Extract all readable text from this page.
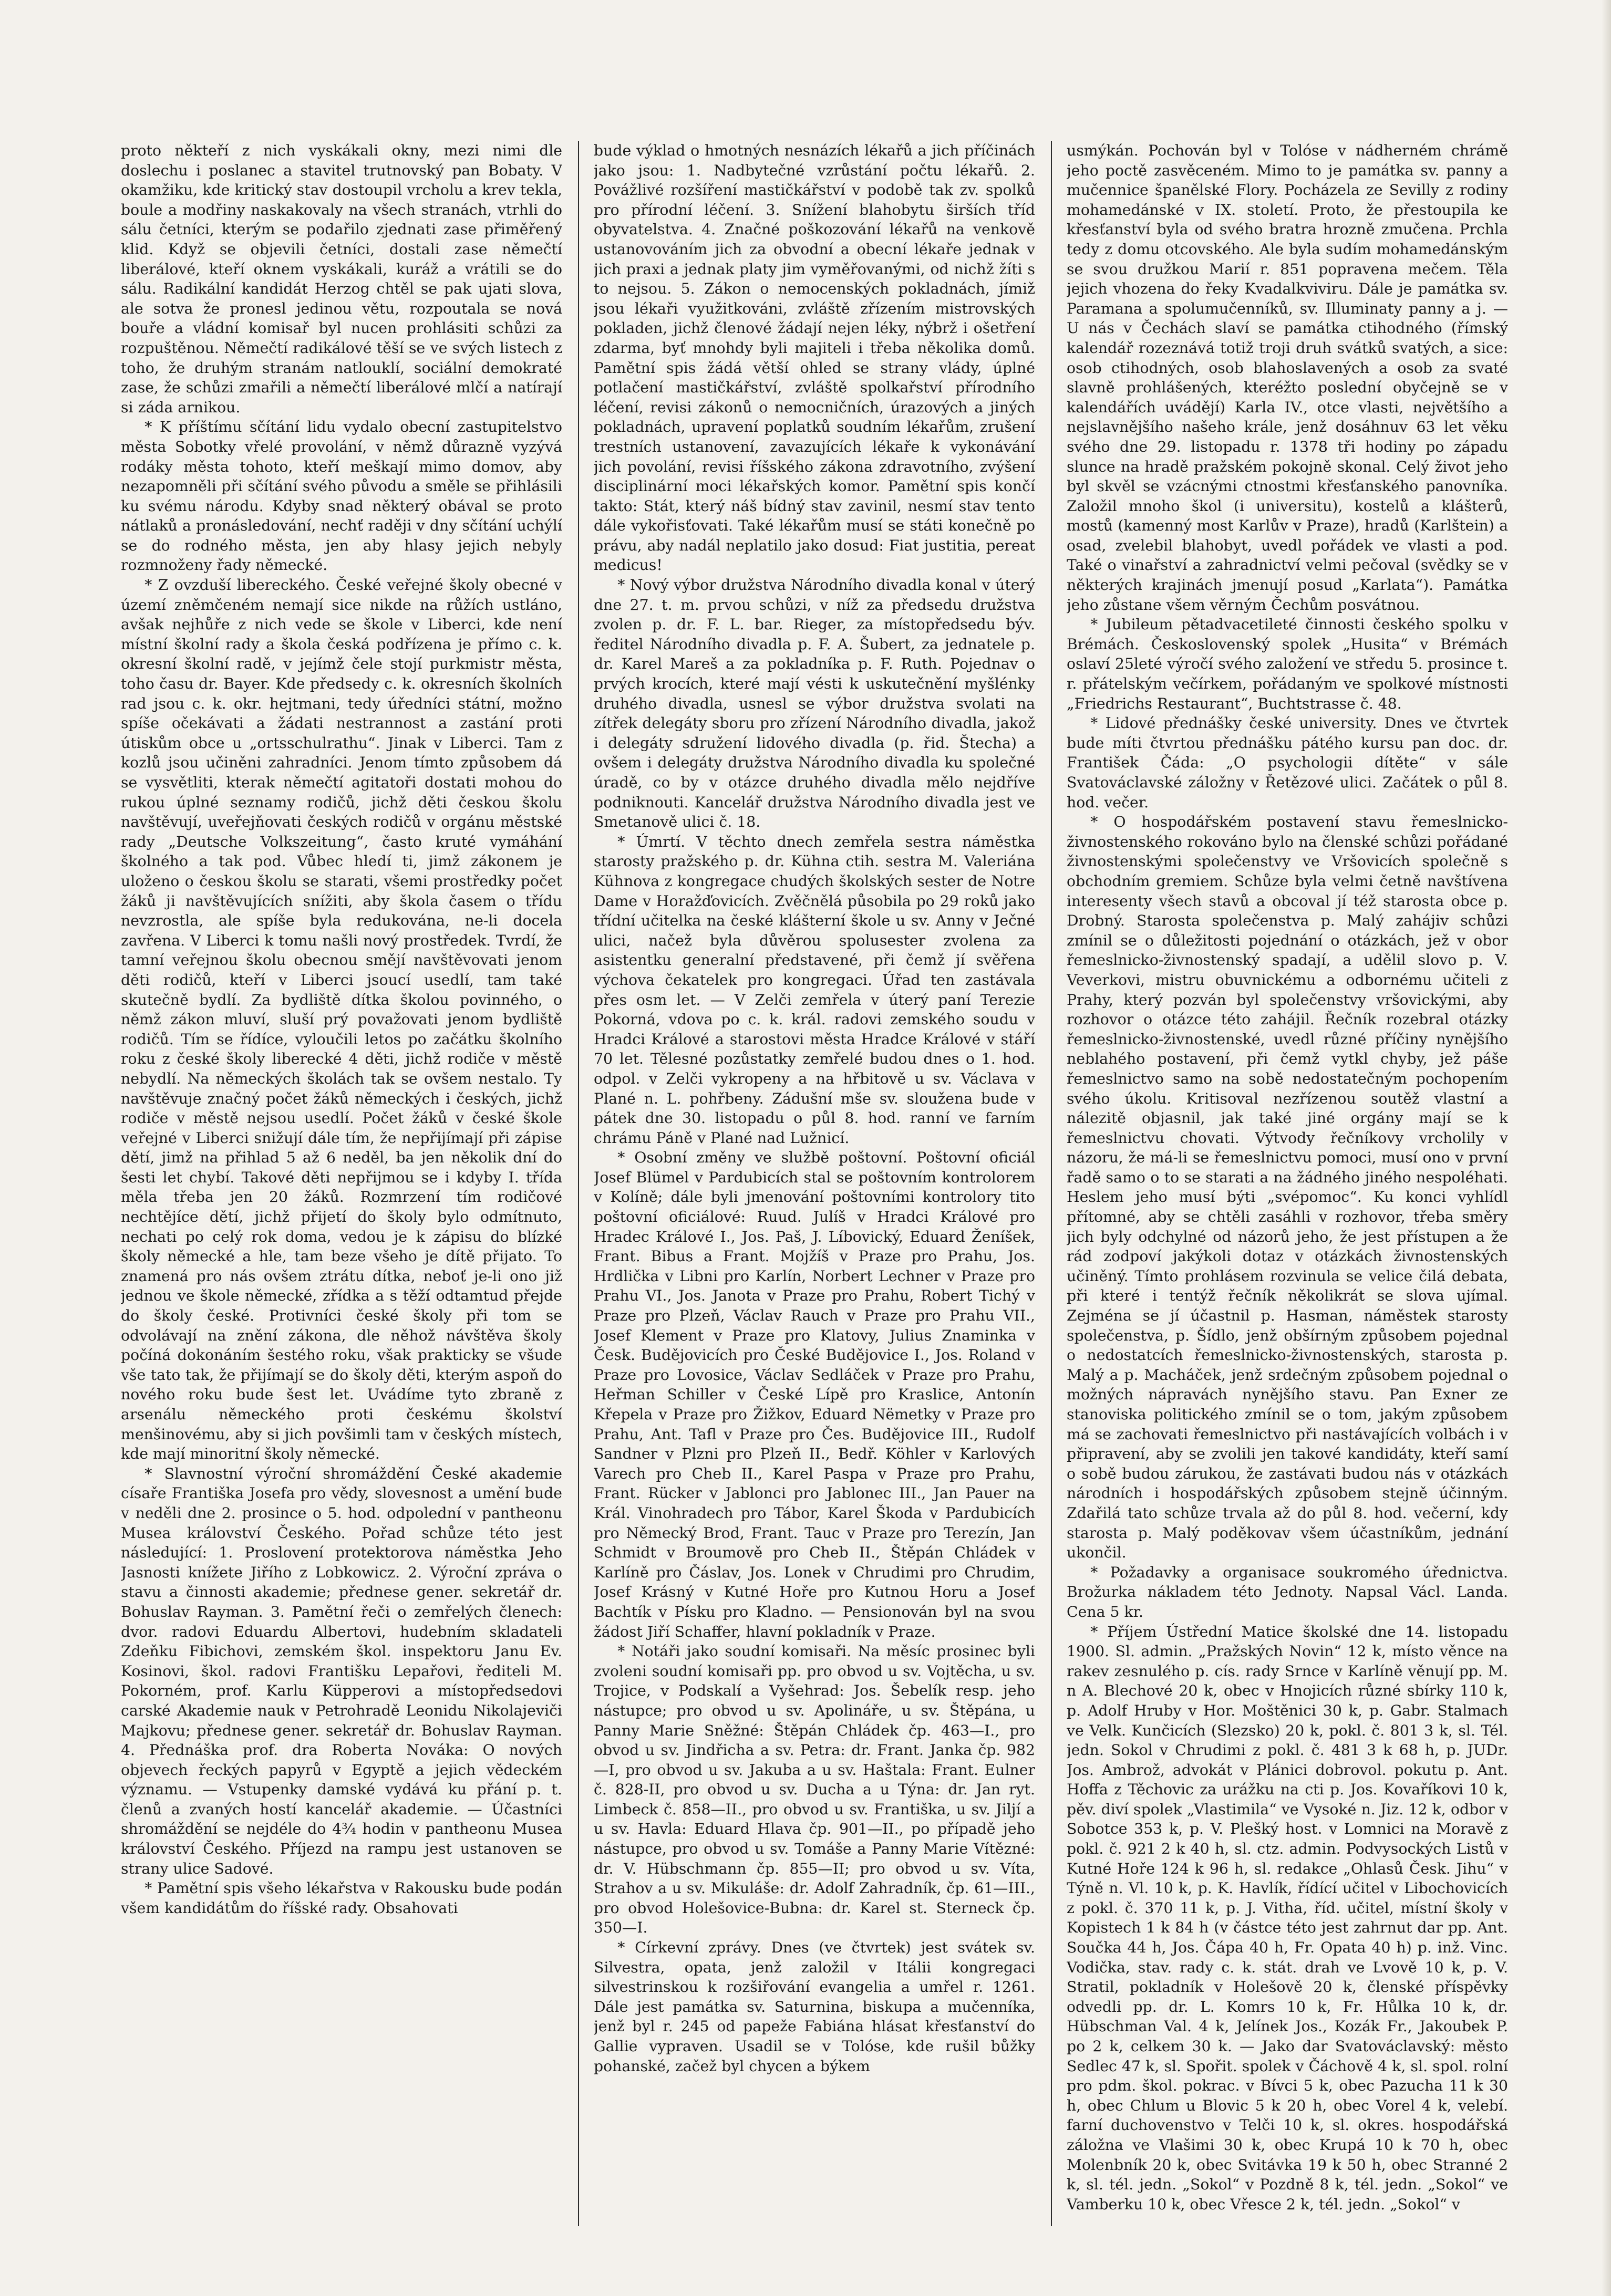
proto někteří z nich vyskákali okny, mezi nimi dle doslechu i poslanec a stavitel trutnovský pan Bobaty. V okamžiku, kde kritický stav dostoupil vrcholu a krev tekla, boule a modřiny naskakovaly na všech stranách, vtrhli do sálu četníci, kterým se podařilo zjednati zase přiměřený klid. Když se objevili četníci, dostali zase němečtí liberálové, kteří oknem vyskákali, kuráž a vrátili se do sálu. Radikální kandidát Herzog chtěl se pak ujati slova, ale sotva že pronesl jedinou větu, rozpoutala se nová bouře a vládní komisař byl nucen prohlásiti schůzi za rozpuštěnou. Němečtí radikálové těší se ve svých listech z toho, že druhým stranám natlouklí, sociální demokraté zase, že schůzi zmařili a němečtí liberálové mlčí a natírají si záda arnikou.

* K příštímu sčítání lidu vydalo obecní zastupitelstvo města Sobotky vřelé provolání, v němž důrazně vyzývá rodáky města tohoto, kteří meškají mimo domov, aby nezapomněli při sčítání svého původu a směle se přihlásili ku svému národu. Kdyby snad některý obával se proto nátlaků a pronásledování, nechť raději v dny sčítání uchýlí se do rodného města, jen aby hlasy jejich nebyly rozmnoženy řady německé.

* Z ovzduší libereckého. České veřejné školy obecné v území zněmčeném nemají sice nikde na růžích ustláno, avšak nejhůře z nich vede se škole v Liberci, kde není místní školní rady a škola česká podřízena je přímo c. k. okresní školní radě, v jejímž čele stojí purkmistr města, toho času dr. Bayer. Kde předsedy c. k. okresních školních rad jsou c. k. okr. hejtmani, tedy úředníci státní, možno spíše očekávati a žádati nestrannost a zastání proti útiskům obce u „ortsschulrathu“. Jinak v Liberci. Tam z kozlů jsou učiněni zahradníci. Jenom tímto způsobem dá se vysvětliti, kterak němečtí agitatoři dostati mohou do rukou úplné seznamy rodičů, jichž děti českou školu navštěvují, uveřejňovati českých rodičů v orgánu městské rady „Deutsche Volkszeitung“, často kruté vymáhání školného a tak pod. Vůbec hledí ti, jimž zákonem je uloženo o českou školu se starati, všemi prostředky počet žáků ji navštěvujících snížiti, aby škola časem o třídu nevzrostla, ale spíše byla redukována, ne-li docela zavřena. V Liberci k tomu našli nový prostředek. Tvrdí, že tamní veřejnou školu obecnou smějí navštěvovati jenom děti rodičů, kteří v Liberci jsoucí usedlí, tam také skutečně bydlí. Za bydliště dítka školou povinného, o němž zákon mluví, sluší prý považovati jenom bydliště rodičů. Tím se řídíce, vyloučili letos po začátku školního roku z české školy liberecké 4 děti, jichž rodiče v městě nebydlí. Na německých školách tak se ovšem nestalo. Ty navštěvuje značný počet žáků německých i českých, jichž rodiče v městě nejsou usedlí. Počet žáků v české škole veřejné v Liberci snižují dále tím, že nepřijímají při zápise dětí, jimž na přihlad 5 až 6 neděl, ba jen několik dní do šesti let chybí. Takové děti nepřijmou se i kdyby I. třída měla třeba jen 20 žáků. Rozmrzení tím rodičové nechtějíce dětí, jichž přijetí do školy bylo odmítnuto, nechati po celý rok doma, vedou je k zápisu do blízké školy německé a hle, tam beze všeho je dítě přijato. To znamená pro nás ovšem ztrátu dítka, neboť je-li ono již jednou ve škole německé, zřídka a s těží odtamtud přejde do školy české. Protivníci české školy při tom se odvolávají na znění zákona, dle něhož návštěva školy počíná dokonáním šestého roku, však prakticky se všude vše tato tak, že přijímají se do školy děti, kterým aspoň do nového roku bude šest let. Uvádíme tyto zbraně z arsenálu německého proti českému školství menšinovému, aby si jich povšimli tam v českých místech, kde mají minoritní školy německé.

* Slavnostní výroční shromáždění České akademie císaře Františka Josefa pro vědy, slovesnost a umění bude v neděli dne 2. prosince o 5. hod. odpolední v pantheonu Musea království Českého. Pořad schůze této jest následující: 1. Proslovení protektorova náměstka Jeho Jasnosti knížete Jiřího z Lobkowicz. 2. Výroční zpráva o stavu a činnosti akademie; přednese gener. sekretář dr. Bohuslav Rayman. 3. Pamětní řeči o zemřelých členech: dvor. radovi Eduardu Albertovi, hudebním skladateli Zdeňku Fibichovi, zemském škol. inspektoru Janu Ev. Kosinovi, škol. radovi Františku Lepařovi, řediteli M. Pokorném, prof. Karlu Küpperovi a místopředsedovi carské Akademie nauk v Petrohradě Leonidu Nikolajeviči Majkovu; přednese gener. sekretář dr. Bohuslav Rayman. 4. Přednáška prof. dra Roberta Nováka: O nových objevech řeckých papyrů v Egyptě a jejich vědeckém významu. — Vstupenky damské vydává ku přání p. t. členů a zvaných hostí kancelář akademie. — Účastníci shromáždění se nejdéle do 4¾ hodin v pantheonu Musea království Českého. Příjezd na rampu jest ustanoven se strany ulice Sadové.

* Pamětní spis všeho lékařstva v Rakousku bude podán všem kandidátům do říšské rady. Obsahovati

bude výklad o hmotných nesnázích lékařů a jich příčinách jako jsou: 1. Nadbytečné vzrůstání počtu lékařů. 2. Povážlivé rozšíření mastičkářství v podobě tak zv. spolků pro přírodní léčení. 3. Snížení blahobytu širších tříd obyvatelstva. 4. Značné poškozování lékařů na venkově ustanovováním jich za obvodní a obecní lékaře jednak v jich praxi a jednak platy jim vyměřovanými, od nichž žíti s to nejsou. 5. Zákon o nemocenských pokladnách, jímiž jsou lékaři využitkováni, zvláště zřízením mistrovských pokladen, jichž členové žádají nejen léky, nýbrž i ošetření zdarma, byť mnohdy byli majiteli i třeba několika domů. Pamětní spis žádá větší ohled se strany vlády, úplné potlačení mastičkářství, zvláště spolkařství přírodního léčení, revisi zákonů o nemocničních, úrazových a jiných pokladnách, upravení poplatků soudním lékařům, zrušení trestních ustanovení, zavazujících lékaře k vykonávání jich povolání, revisi říšského zákona zdravotního, zvýšení disciplinární moci lékařských komor. Pamětní spis končí takto: Stát, který náš bídný stav zavinil, nesmí stav tento dále vykořisťovati. Také lékařům musí se státi konečně po právu, aby nadál neplatilo jako dosud: Fiat justitia, pereat medicus!

* Nový výbor družstva Národního divadla konal v úterý dne 27. t. m. prvou schůzi, v níž za předsedu družstva zvolen p. dr. F. L. bar. Rieger, za místopředsedu býv. ředitel Národního divadla p. F. A. Šubert, za jednatele p. dr. Karel Mareš a za pokladníka p. F. Ruth. Pojednav o prvých krocích, které mají vésti k uskutečnění myšlénky druhého divadla, usnesl se výbor družstva svolati na zítřek delegáty sboru pro zřízení Národního divadla, jakož i delegáty sdružení lidového divadla (p. řid. Štecha) a ovšem i delegáty družstva Národního divadla ku společné úradě, co by v otázce druhého divadla mělo nejdříve podniknouti. Kancelář družstva Národního divadla jest ve Smetanově ulici č. 18.

* Úmrtí. V těchto dnech zemřela sestra náměstka starosty pražského p. dr. Kühna ctih. sestra M. Valeriána Kühnova z kongregace chudých školských sester de Notre Dame v Horažďovicích. Zvěčnělá působila po 29 roků jako třídní učitelka na české klášterní škole u sv. Anny v Ječné ulici, načež byla důvěrou spolusester zvolena za asistentku generalní představené, při čemž jí svěřena výchova čekatelek pro kongregaci. Úřad ten zastávala přes osm let. — V Zelči zemřela v úterý paní Terezie Pokorná, vdova po c. k. král. radovi zemského soudu v Hradci Králové a starostovi města Hradce Králové v stáří 70 let. Tělesné pozůstatky zemřelé budou dnes o 1. hod. odpol. v Zelči vykropeny a na hřbitově u sv. Václava v Plané n. L. pohřbeny. Zádušní mše sv. sloužena bude v pátek dne 30. listopadu o půl 8. hod. ranní ve farním chrámu Páně v Plané nad Lužnicí.

* Osobní změny ve službě poštovní. Poštovní oficiál Josef Blümel v Pardubicích stal se poštovním kontrolorem v Kolíně; dále byli jmenování poštovními kontrolory tito poštovní oficiálové: Ruud. Julíš v Hradci Králové pro Hradec Králové I., Jos. Paš, J. Líbovický, Eduard Ženíšek, Frant. Bibus a Frant. Mojžíš v Praze pro Prahu, Jos. Hrdlička v Libni pro Karlín, Norbert Lechner v Praze pro Prahu VI., Jos. Janota v Praze pro Prahu, Robert Tichý v Praze pro Plzeň, Václav Rauch v Praze pro Prahu VII., Josef Klement v Praze pro Klatovy, Julius Znaminka v Česk. Budějovicích pro České Budějovice I., Jos. Roland v Praze pro Lovosice, Václav Sedláček v Praze pro Prahu, Heřman Schiller v České Lípě pro Kraslice, Antonín Křepela v Praze pro Žižkov, Eduard Nëmetky v Praze pro Prahu, Ant. Tafl v Praze pro Čes. Budějovice III., Rudolf Sandner v Plzni pro Plzeň II., Bedř. Köhler v Karlových Varech pro Cheb II., Karel Paspa v Praze pro Prahu, Frant. Rücker v Jablonci pro Jablonec III., Jan Pauer na Král. Vinohradech pro Tábor, Karel Škoda v Pardubicích pro Německý Brod, Frant. Tauc v Praze pro Terezín, Jan Schmidt v Broumově pro Cheb II., Štěpán Chládek v Karlíně pro Čáslav, Jos. Lonek v Chrudimi pro Chrudim, Josef Krásný v Kutné Hoře pro Kutnou Horu a Josef Bachtík v Písku pro Kladno. — Pensionován byl na svou žádost Jiří Schaffer, hlavní pokladník v Praze.

* Notáři jako soudní komisaři. Na měsíc prosinec byli zvoleni soudní komisaři pp. pro obvod u sv. Vojtěcha, u sv. Trojice, v Podskalí a Vyšehrad: Jos. Šebelík resp. jeho nástupce; pro obvod u sv. Apolináře, u sv. Štěpána, u Panny Marie Sněžné: Štěpán Chládek čp. 463—I., pro obvod u sv. Jindřicha a sv. Petra: dr. Frant. Janka čp. 982—I, pro obvod u sv. Jakuba a u sv. Haštala: Frant. Eulner č. 828-II, pro obvod u sv. Ducha a u Týna: dr. Jan ryt. Limbeck č. 858—II., pro obvod u sv. Františka, u sv. Jiljí a u sv. Havla: Eduard Hlava čp. 901—II., po případě jeho nástupce, pro obvod u sv. Tomáše a Panny Marie Vítězné: dr. V. Hübschmann čp. 855—II; pro obvod u sv. Víta, Strahov a u sv. Mikuláše: dr. Adolf Zahradník, čp. 61—III., pro obvod Holešovice-Bubna: dr. Karel st. Sterneck čp. 350—I.

* Církevní zprávy. Dnes (ve čtvrtek) jest svátek sv. Silvestra, opata, jenž založil v Itálii kongregaci silvestrinskou k rozšiřování evangelia a umřel r. 1261. Dále jest památka sv. Saturnina, biskupa a mučenníka, jenž byl r. 245 od papeže Fabiána hlásat křesťanství do Gallie vypraven. Usadil se v Tolóse, kde rušil bůžky pohanské, začež byl chycen a býkem

usmýkán. Pochován byl v Tolóse v nádherném chrámě jeho poctě zasvěceném. Mimo to je památka sv. panny a mučennice španělské Flory. Pocházela ze Sevilly z rodiny mohamedánské v IX. století. Proto, že přestoupila ke křesťanství byla od svého bratra hrozně zmučena. Prchla tedy z domu otcovského. Ale byla sudím mohamedánským se svou družkou Marií r. 851 popravena mečem. Těla jejich vhozena do řeky Kvadalkviviru. Dále je památka sv. Paramana a spolumučenníků, sv. Illuminaty panny a j. — U nás v Čechách slaví se památka ctihodného (římský kalendář rozeznává totiž troji druh svátků svatých, a sice: osob ctihodných, osob blahoslavených a osob za svaté slavně prohlášených, kteréžto poslední obyčejně se v kalendářích uvádějí) Karla IV., otce vlasti, největšího a nejslavnějšího našeho krále, jenž dosáhnuv 63 let věku svého dne 29. listopadu r. 1378 tři hodiny po západu slunce na hradě pražském pokojně skonal. Celý život jeho byl skvěl se vzácnými ctnostmi křesťanského panovníka. Založil mnoho škol (i universitu), kostelů a klášterů, mostů (kamenný most Karlův v Praze), hradů (Karlštein) a osad, zvelebil blahobyt, uvedl pořádek ve vlasti a pod. Také o vinařství a zahradnictví velmi pečoval (svědky se v některých krajinách jmenují posud „Karlata“). Památka jeho zůstane všem věrným Čechům posvátnou.

* Jubileum pětadvacetileté činnosti českého spolku v Brémách. Československý spolek „Husita“ v Brémách oslaví 25leté výročí svého založení ve středu 5. prosince t. r. přátelským večírkem, pořádaným ve spolkové místnosti „Friedrichs Restaurant“, Buchtstrasse č. 48.

* Lidové přednášky české university. Dnes ve čtvrtek bude míti čtvrtou přednášku pátého kursu pan doc. dr. František Čáda: „O psychologii dítěte“ v sále Svatováclavské záložny v Řetězové ulici. Začátek o půl 8. hod. večer.

* O hospodářském postavení stavu řemeslnicko-živnostenského rokováno bylo na členské schůzi pořádané živnostenskými společenstvy ve Vršovicích společně s obchodním gremiem. Schůze byla velmi četně navštívena interesenty všech stavů a obcoval jí též starosta obce p. Drobný. Starosta společenstva p. Malý zahájiv schůzi zmínil se o důležitosti pojednání o otázkách, jež v obor řemeslnicko-živnostenský spadají, a udělil slovo p. V. Veverkovi, mistru obuvnickému a odbornému učiteli z Prahy, který pozván byl společenstvy vršovickými, aby rozhovor o otázce této zahájil. Řečník rozebral otázky řemeslnicko-živnostenské, uvedl různé příčiny nynějšího neblahého postavení, při čemž vytkl chyby, jež páše řemeslnictvo samo na sobě nedostatečným pochopením svého úkolu. Kritisoval nezřízenou soutěž vlastní a nálezitě objasnil, jak také jiné orgány mají se k řemeslnictvu chovati. Výtvody řečníkovy vrcholily v názoru, že má-li se řemeslnictvu pomoci, musí ono v první řadě samo o to se starati a na žádného jiného nespoléhati. Heslem jeho musí býti „svépomoc“. Ku konci vyhlídl přítomné, aby se chtěli zasáhli v rozhovor, třeba směry jich byly odchylné od názorů jeho, že jest přístupen a že rád zodpoví jakýkoli dotaz v otázkách živnostenských učiněný. Tímto prohlásem rozvinula se velice čilá debata, při které i tentýž řečník několikrát se slova ujímal. Zejména se jí účastnil p. Hasman, náměstek starosty společenstva, p. Šídlo, jenž obšírným způsobem pojednal o nedostatcích řemeslnicko-živnostenských, starosta p. Malý a p. Macháček, jenž srdečným způsobem pojednal o možných nápravách nynějšího stavu. Pan Exner ze stanoviska politického zmínil se o tom, jakým způsobem má se zachovati řemeslnictvo při nastávajících volbách i v připravení, aby se zvolili jen takové kandidáty, kteří samí o sobě budou zárukou, že zastávati budou nás v otázkách národních i hospodářských způsobem stejně účinným. Zdařilá tato schůze trvala až do půl 8. hod. večerní, kdy starosta p. Malý poděkovav všem účastníkům, jednání ukončil.

* Požadavky a organisace soukromého úřednictva. Brožurka nákladem této Jednoty. Napsal Václ. Landa. Cena 5 kr.

* Příjem Ústřední Matice školské dne 14. listopadu 1900. Sl. admin. „Pražských Novin“ 12 k, místo věnce na rakev zesnulého p. cís. rady Srnce v Karlíně věnují pp. M. n A. Blechové 20 k, obec v Hnojicích různé sbírky 110 k, p. Adolf Hruby v Hor. Moštěnici 30 k, p. Gabr. Stalmach ve Velk. Kunčicích (Slezsko) 20 k, pokl. č. 801 3 k, sl. Tél. jedn. Sokol v Chrudimi z pokl. č. 481 3 k 68 h, p. JUDr. Jos. Ambrož, advokát v Plánici dobrovol. pokutu p. Ant. Hoffa z Těchovic za urážku na cti p. Jos. Kovaříkovi 10 k, pěv. diví spolek „Vlastimila“ ve Vysoké n. Jiz. 12 k, odbor v Sobotce 353 k, p. V. Plešký host. v Lomnici na Moravě z pokl. č. 921 2 k 40 h, sl. ctz. admin. Podvysockých Listů v Kutné Hoře 124 k 96 h, sl. redakce „Ohlasů Česk. Jihu“ v Týně n. Vl. 10 k, p. K. Havlík, řídící učitel v Libochovicích z pokl. č. 370 11 k, p. J. Vitha, říd. učitel, místní školy v Kopistech 1 k 84 h (v částce této jest zahrnut dar pp. Ant. Součka 44 h, Jos. Čápa 40 h, Fr. Opata 40 h) p. inž. Vinc. Vodička, stav. rady c. k. stát. drah ve Lvově 10 k, p. V. Stratil, pokladník v Holešově 20 k, členské příspěvky odvedli pp. dr. L. Komrs 10 k, Fr. Hůlka 10 k, dr. Hübschman Val. 4 k, Jelínek Jos., Kozák Fr., Jakoubek P. po 2 k, celkem 30 k. — Jako dar Svatováclavský: město Sedlec 47 k, sl. Spořit. spolek v Čáchově 4 k, sl. spol. rolní pro pdm. škol. pokrac. v Bívci 5 k, obec Pazucha 11 k 30 h, obec Chlum u Blovic 5 k 20 h, obec Vorel 4 k, velebí. farní duchovenstvo v Telči 10 k, sl. okres. hospodářská záložna ve Vlašimi 30 k, obec Krupá 10 k 70 h, obec Molenbník 20 k, obec Svitávka 19 k 50 h, obec Stranné 2 k, sl. tél. jedn. „Sokol“ v Pozdně 8 k, tél. jedn. „Sokol“ ve Vamberku 10 k, obec Vřesce 2 k, tél. jedn. „Sokol“ v
